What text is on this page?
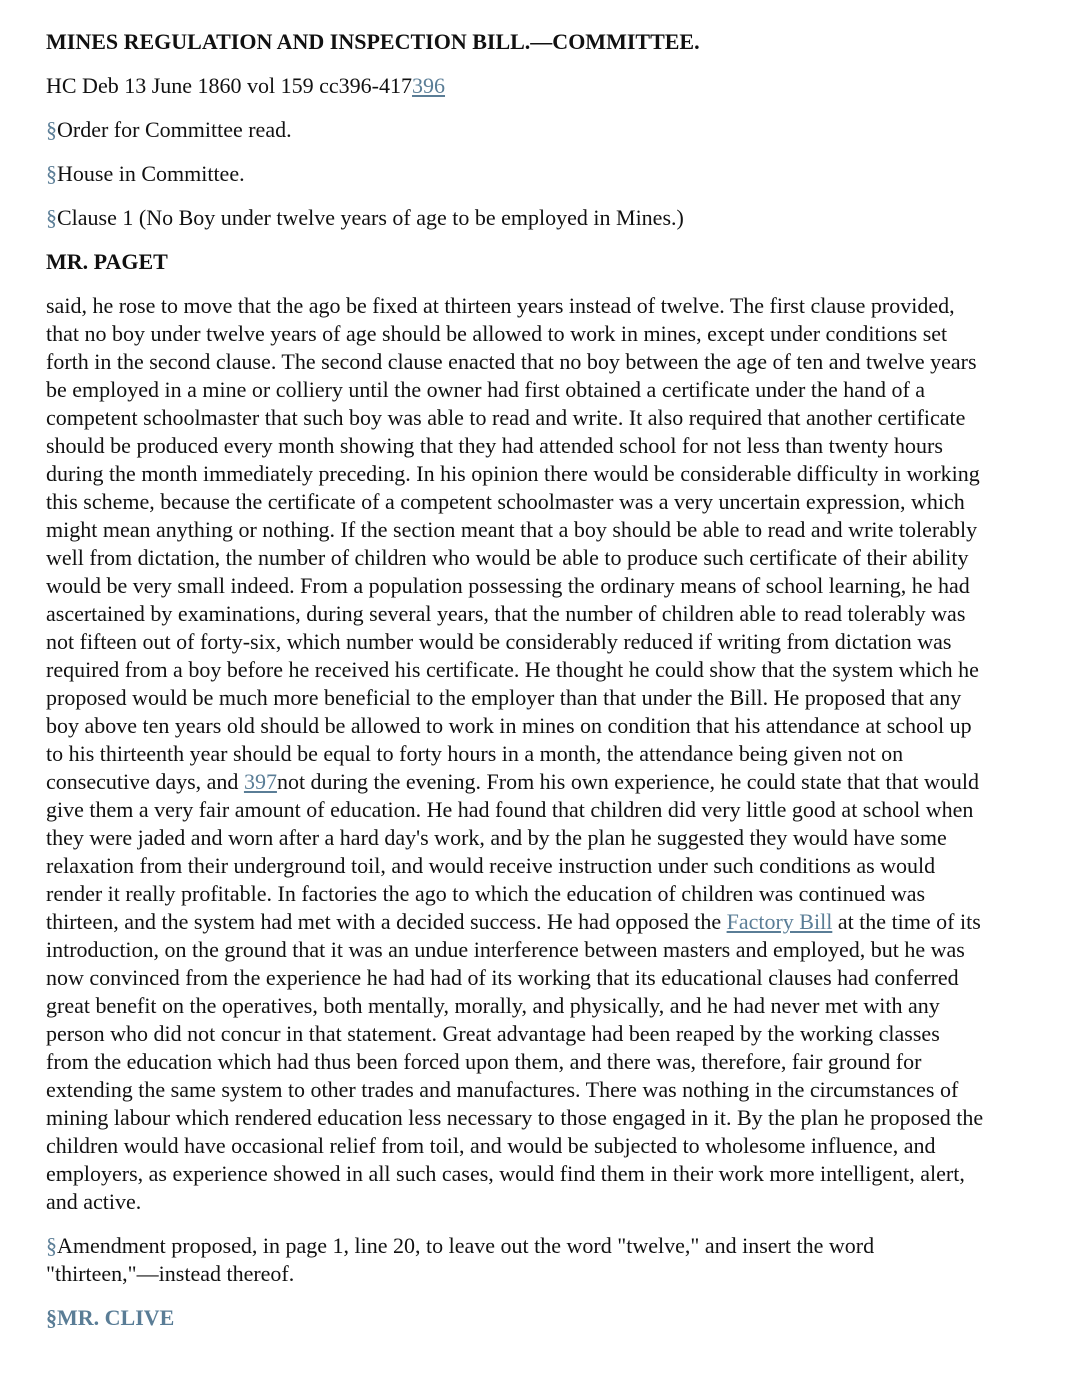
MINES REGULATION AND INSPECTION BILL.—COMMITTEE.

HC Deb 13 June 1860 vol 159 cc396-417396

§Order for Committee read.

§House in Committee.

§Clause 1 (No Boy under twelve years of age to be employed in Mines.)

MR. PAGET

said, he rose to move that the ago be fixed at thirteen years instead of twelve. The first clause provided, that no boy under twelve years of age should be allowed to work in mines, except under conditions set forth in the second clause. The second clause enacted that no boy between the age of ten and twelve years be employed in a mine or colliery until the owner had first obtained a certificate under the hand of a competent schoolmaster that such boy was able to read and write. It also required that another certificate should be produced every month showing that they had attended school for not less than twenty hours during the month immediately preceding. In his opinion there would be considerable difficulty in working this scheme, because the certificate of a competent schoolmaster was a very uncertain expression, which might mean anything or nothing. If the section meant that a boy should be able to read and write tolerably well from dictation, the number of children who would be able to produce such certificate of their ability would be very small indeed. From a population possessing the ordinary means of school learning, he had ascertained by examinations, during several years, that the number of children able to read tolerably was not fifteen out of forty-six, which number would be considerably reduced if writing from dictation was required from a boy before he received his certificate. He thought he could show that the system which he proposed would be much more beneficial to the employer than that under the Bill. He proposed that any boy above ten years old should be allowed to work in mines on condition that his attendance at school up to his thirteenth year should be equal to forty hours in a month, the attendance being given not on consecutive days, and 397not during the evening. From his own experience, he could state that that would give them a very fair amount of education. He had found that children did very little good at school when they were jaded and worn after a hard day's work, and by the plan he suggested they would have some relaxation from their underground toil, and would receive instruction under such conditions as would render it really profitable. In factories the ago to which the education of children was continued was thirteen, and the system had met with a decided success. He had opposed the Factory Bill at the time of its introduction, on the ground that it was an undue interference between masters and employed, but he was now convinced from the experience he had had of its working that its educational clauses had conferred great benefit on the operatives, both mentally, morally, and physically, and he had never met with any person who did not concur in that statement. Great advantage had been reaped by the working classes from the education which had thus been forced upon them, and there was, therefore, fair ground for extending the same system to other trades and manufactures. There was nothing in the circumstances of mining labour which rendered education less necessary to those engaged in it. By the plan he proposed the children would have occasional relief from toil, and would be subjected to wholesome influence, and employers, as experience showed in all such cases, would find them in their work more intelligent, alert, and active.

§Amendment proposed, in page 1, line 20, to leave out the word "twelve," and insert the word "thirteen,"—instead thereof.

§MR. CLIVE
